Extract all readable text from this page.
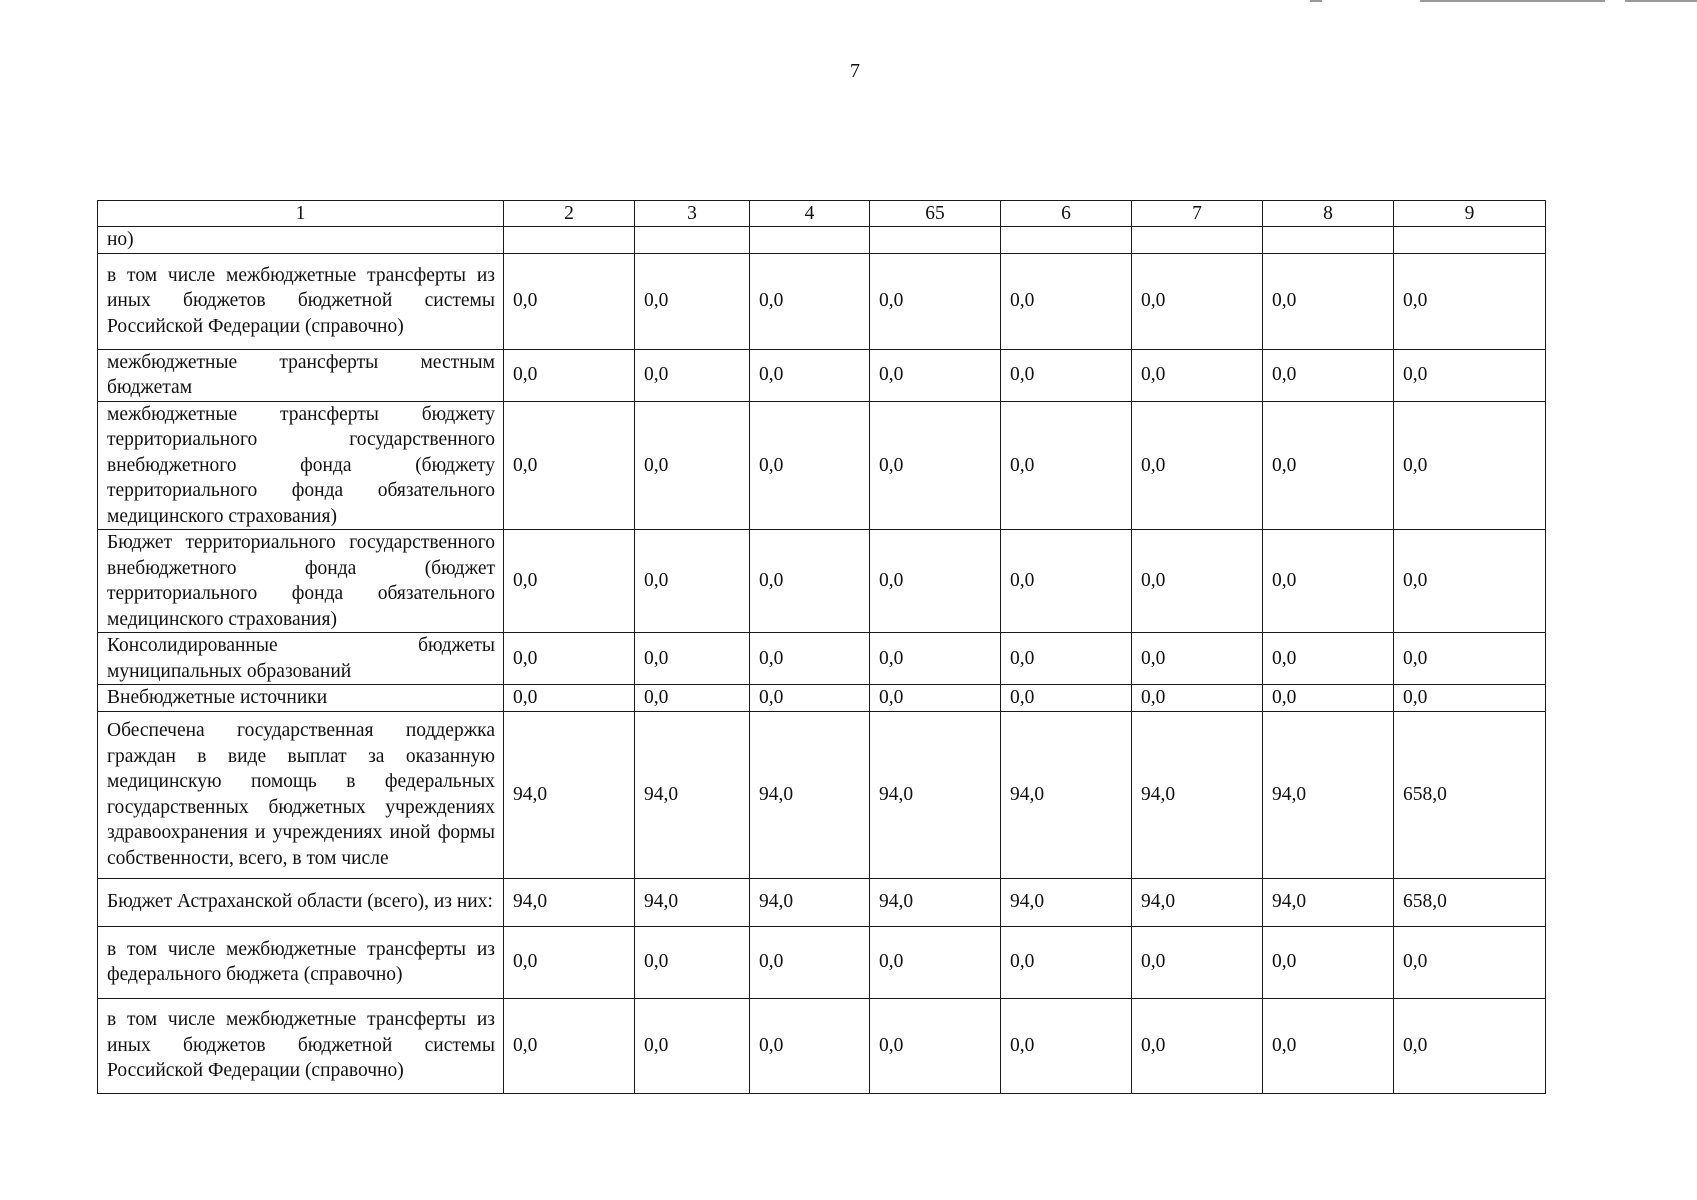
7
1	2	3	4	65	6	7	8	9
но)								
в том числе межбюджетные трансферты из иных бюджетов бюджетной системы Российской Федерации (справочно)	0,0	0,0	0,0	0,0	0,0	0,0	0,0	0,0
межбюджетные трансферты местным бюджетам	0,0	0,0	0,0	0,0	0,0	0,0	0,0	0,0
межбюджетные трансферты бюджету территориального государственного внебюджетного фонда (бюджету территориального фонда обязательного медицинского страхования)	0,0	0,0	0,0	0,0	0,0	0,0	0,0	0,0
Бюджет территориального государственного внебюджетного фонда (бюджет территориального фонда обязательного медицинского страхования)	0,0	0,0	0,0	0,0	0,0	0,0	0,0	0,0
Консолидированные бюджеты муниципальных образований	0,0	0,0	0,0	0,0	0,0	0,0	0,0	0,0
Внебюджетные источники	0,0	0,0	0,0	0,0	0,0	0,0	0,0	0,0
Обеспечена государственная поддержка граждан в виде выплат за оказанную медицинскую помощь в федеральных государственных бюджетных учреждениях здравоохранения и учреждениях иной формы собственности, всего, в том числе	94,0	94,0	94,0	94,0	94,0	94,0	94,0	658,0
Бюджет Астраханской области (всего), из них:	94,0	94,0	94,0	94,0	94,0	94,0	94,0	658,0
в том числе межбюджетные трансферты из федерального бюджета (справочно)	0,0	0,0	0,0	0,0	0,0	0,0	0,0	0,0
в том числе межбюджетные трансферты из иных бюджетов бюджетной системы Российской Федерации (справочно)	0,0	0,0	0,0	0,0	0,0	0,0	0,0	0,0
